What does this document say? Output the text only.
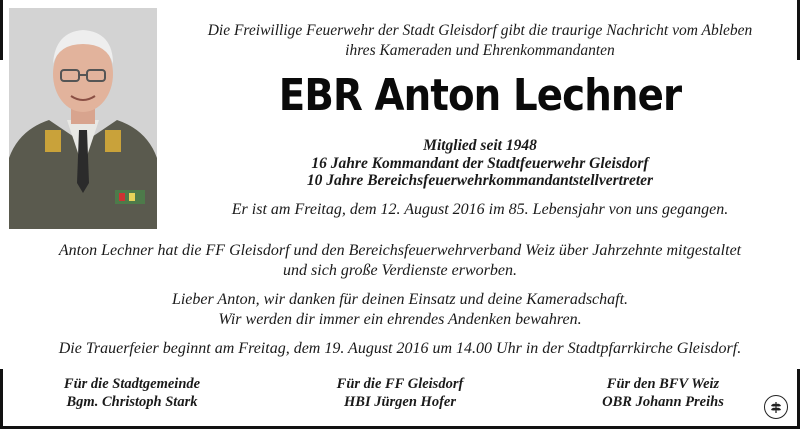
Die Freiwillige Feuerwehr der Stadt Gleisdorf gibt die traurige Nachricht vom Ableben
ihres Kameraden und Ehrenkommandanten
EBR Anton Lechner
Mitglied seit 1948
16 Jahre Kommandant der Stadtfeuerwehr Gleisdorf
10 Jahre Bereichsfeuerwehrkommandantstellvertreter
Er ist am Freitag, dem 12. August 2016 im 85. Lebensjahr von uns gegangen.
Anton Lechner hat die FF Gleisdorf und den Bereichsfeuerwehrverband Weiz über Jahrzehnte mitgestaltet
und sich große Verdienste erworben.
Lieber Anton, wir danken für deinen Einsatz und deine Kameradschaft.
Wir werden dir immer ein ehrendes Andenken bewahren.
Die Trauerfeier beginnt am Freitag, dem 19. August 2016 um 14.00 Uhr in der Stadtpfarrkirche Gleisdorf.
Für die Stadtgemeinde
Bgm. Christoph Stark
Für die FF Gleisdorf
HBI Jürgen Hofer
Für den BFV Weiz
OBR Johann Preihs
